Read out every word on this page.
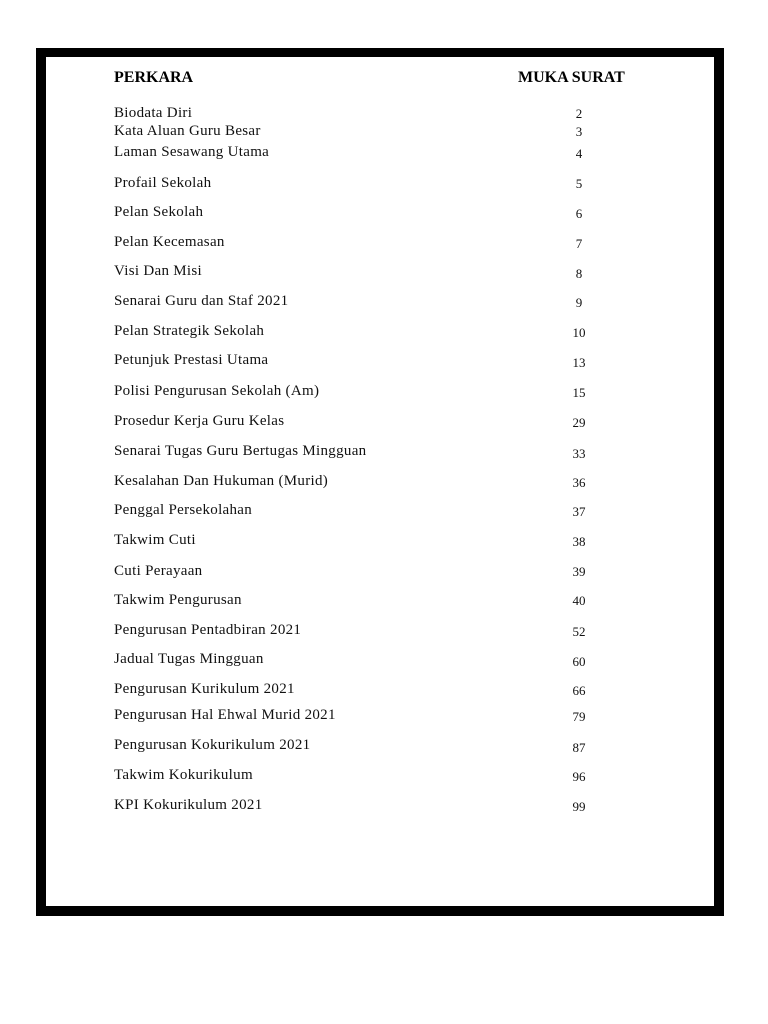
PERKARA	MUKA SURAT
Biodata Diri	2
Kata Aluan Guru Besar	3
Laman Sesawang Utama	4
Profail Sekolah	5
Pelan Sekolah	6
Pelan Kecemasan	7
Visi Dan Misi	8
Senarai Guru dan Staf 2021	9
Pelan Strategik Sekolah	10
Petunjuk Prestasi Utama	13
Polisi Pengurusan Sekolah (Am)	15
Prosedur Kerja Guru Kelas	29
Senarai Tugas Guru Bertugas Mingguan	33
Kesalahan Dan Hukuman (Murid)	36
Penggal Persekolahan	37
Takwim Cuti	38
Cuti Perayaan	39
Takwim Pengurusan	40
Pengurusan Pentadbiran 2021	52
Jadual Tugas Mingguan	60
Pengurusan Kurikulum 2021	66
Pengurusan Hal Ehwal Murid 2021	79
Pengurusan Kokurikulum 2021	87
Takwim Kokurikulum	96
KPI Kokurikulum 2021	99
